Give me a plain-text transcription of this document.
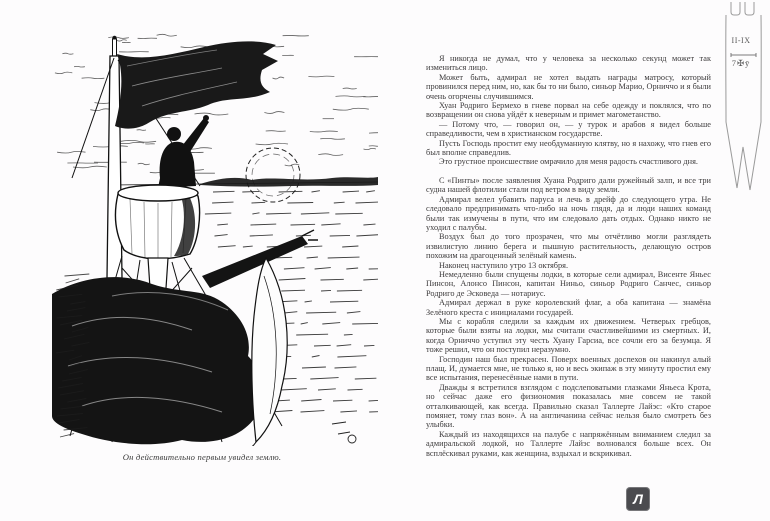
Он действительно первым увидел землю.

Я никогда не думал, что у человека за несколько секунд может так измениться лицо.

Может быть, адмирал не хотел выдать награды матросу, который провинился перед ним, но, как бы то ни было, синьор Марио, Орниччо и я были очень огорчены случившимся.

Хуан Родриго Бермехо в гневе порвал на себе одежду и поклялся, что по возвращении он снова уйдёт к неверным и примет магометанство.

— Потому что, — говорил он, — у турок и арабов я видел больше справедливости, чем в христианском государстве.

Пусть Господь простит ему необдуманную клятву, но я нахожу, что гнев его был вполне справедлив.

Это грустное происшествие омрачило для меня радость счастливого дня.

С «Пинты» после заявления Хуана Родриго дали ружейный залп, и все три судна нашей флотилии стали под ветром в виду земли.

Адмирал велел убавить паруса и лечь в дрейф до следующего утра. Не следовало предпринимать что-либо на ночь глядя, да и люди наших команд были так измучены в пути, что им следовало дать отдых. Однако никто не уходил с палубы.

Воздух был до того прозрачен, что мы отчётливо могли разглядеть извилистую линию берега и пышную растительность, делающую остров похожим на драгоценный зелёный камень.

Наконец наступило утро 13 октября.

Немедленно были спущены лодки, в которые сели адмирал, Висенте Яньес Пинсон, Алонсо Пинсон, капитан Ниньо, синьор Родриго Санчес, синьор Родриго де Эсковеда — нотариус.

Адмирал держал в руке королевский флаг, а оба капитана — знамёна Зелёного креста с инициалами государей.

Мы с корабля следили за каждым их движением. Четверых гребцов, которые были взяты на лодки, мы считали счастливейшими из смертных. И, когда Орниччо уступил эту честь Хуану Гарсиа, все сочли его за безумца. Я тоже решил, что он поступил неразумно.

Господин наш был прекрасен. Поверх военных доспехов он накинул алый плащ. И, думается мне, не только я, но и весь экипаж в эту минуту простил ему все испытания, перенесённые нами в пути.

Дважды я встретился взглядом с подслеповатыми глазками Яньеса Крота, но сейчас даже его физиономия показалась мне совсем не такой отталкивающей, как всегда. Правильно сказал Таллерте Лайэс: «Кто старое помянет, тому глаз вон». А на англичанина сейчас нельзя было смотреть без улыбки.

Каждый из находящихся на палубе с напряжённым вниманием следил за адмиральской лодкой, но Таллерте Лайэс волновался больше всех. Он всплёскивал руками, как женщина, вздыхал и вскрикивал.

II-IX
7✠ӯ
Л
